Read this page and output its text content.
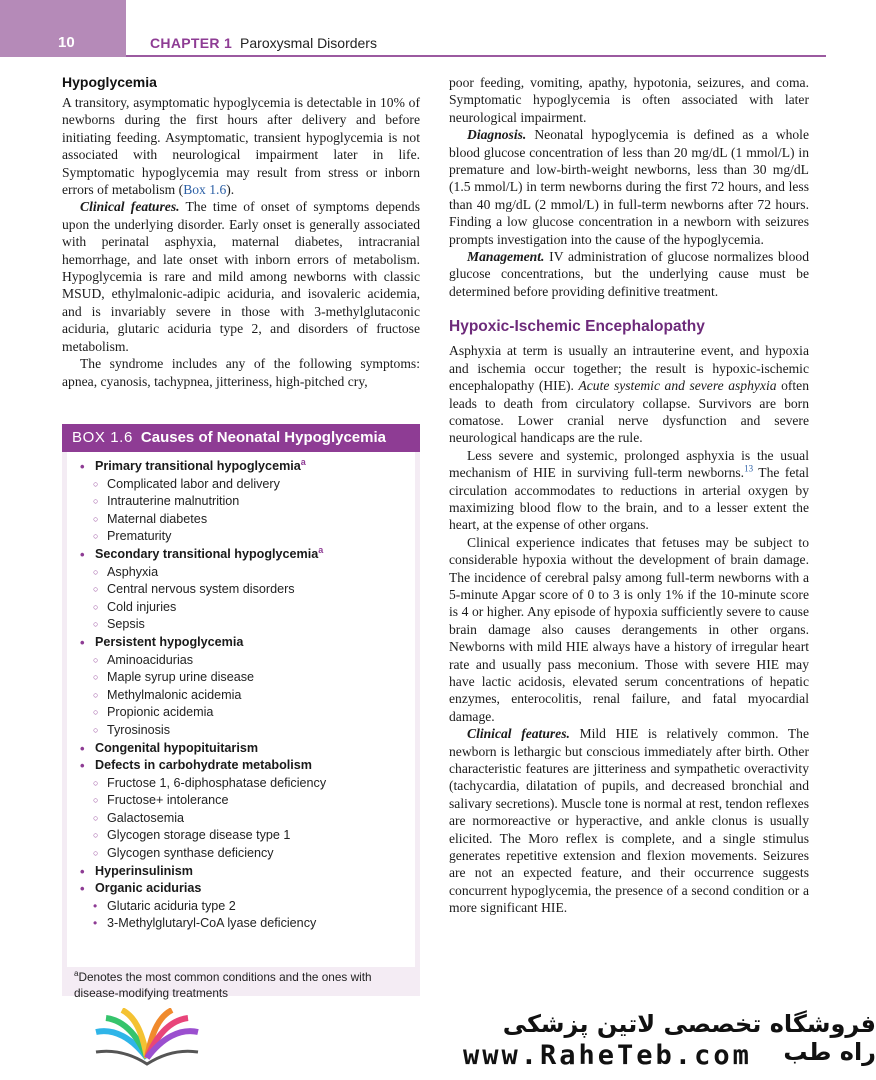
10	CHAPTER 1 Paroxysmal Disorders
Hypoglycemia

A transitory, asymptomatic hypoglycemia is detectable in 10% of newborns during the first hours after delivery and before initiating feeding. Asymptomatic, transient hypoglycemia is not associated with neurological impairment later in life. Symptomatic hypoglycemia may result from stress or inborn errors of metabolism (Box 1.6).

Clinical features. The time of onset of symptoms depends upon the underlying disorder. Early onset is generally associated with perinatal asphyxia, maternal diabetes, intracranial hemorrhage, and late onset with inborn errors of metabolism. Hypoglycemia is rare and mild among newborns with classic MSUD, ethylmalonic-adipic aciduria, and isovaleric acidemia, and is invariably severe in those with 3-methylglutaconic aciduria, glutaric aciduria type 2, and disorders of fructose metabolism.

The syndrome includes any of the following symptoms: apnea, cyanosis, tachypnea, jitteriness, high-pitched cry,

BOX 1.6 Causes of Neonatal Hypoglycemia
• Primary transitional hypoglycemia$^a$
○ Complicated labor and delivery
○ Intrauterine malnutrition
○ Maternal diabetes
○ Prematurity
• Secondary transitional hypoglycemia$^a$
○ Asphyxia
○ Central nervous system disorders
○ Cold injuries
○ Sepsis
• Persistent hypoglycemia
○ Aminoacidurias
○ Maple syrup urine disease
○ Methylmalonic acidemia
○ Propionic acidemia
○ Tyrosinosis
• Congenital hypopituitarism
• Defects in carbohydrate metabolism
○ Fructose 1, 6-diphosphatase deficiency
○ Fructose+ intolerance
○ Galactosemia
○ Glycogen storage disease type 1
○ Glycogen synthase deficiency
• Hyperinsulinism
• Organic acidurias
• Glutaric aciduria type 2
• 3-Methylglutaryl-CoA lyase deficiency
$^a$Denotes the most common conditions and the ones with disease-modifying treatments

poor feeding, vomiting, apathy, hypotonia, seizures, and coma. Symptomatic hypoglycemia is often associated with later neurological impairment.

Diagnosis. Neonatal hypoglycemia is defined as a whole blood glucose concentration of less than 20 mg/dL (1 mmol/L) in premature and low-birth-weight newborns, less than 30 mg/dL (1.5 mmol/L) in term newborns during the first 72 hours, and less than 40 mg/dL (2 mmol/L) in full-term newborns after 72 hours. Finding a low glucose concentration in a newborn with seizures prompts investigation into the cause of the hypoglycemia.

Management. IV administration of glucose normalizes blood glucose concentrations, but the underlying cause must be determined before providing definitive treatment.

Hypoxic-Ischemic Encephalopathy

Asphyxia at term is usually an intrauterine event, and hypoxia and ischemia occur together; the result is hypoxic-ischemic encephalopathy (HIE). Acute systemic and severe asphyxia often leads to death from circulatory collapse. Survivors are born comatose. Lower cranial nerve dysfunction and severe neurological handicaps are the rule.

Less severe and systemic, prolonged asphyxia is the usual mechanism of HIE in surviving full-term newborns.$^{13}$ The fetal circulation accommodates to reductions in arterial oxygen by maximizing blood flow to the brain, and to a lesser extent the heart, at the expense of other organs.

Clinical experience indicates that fetuses may be subject to considerable hypoxia without the development of brain damage. The incidence of cerebral palsy among full-term newborns with a 5-minute Apgar score of 0 to 3 is only 1% if the 10-minute score is 4 or higher. Any episode of hypoxia sufficiently severe to cause brain damage also causes derangements in other organs. Newborns with mild HIE always have a history of irregular heart rate and usually pass meconium. Those with severe HIE may have lactic acidosis, elevated serum concentrations of hepatic enzymes, enterocolitis, renal failure, and fatal myocardial damage.

Clinical features. Mild HIE is relatively common. The newborn is lethargic but conscious immediately after birth. Other characteristic features are jitteriness and sympathetic overactivity (tachycardia, dilatation of pupils, and decreased bronchial and salivary secretions). Muscle tone is normal at rest, tendon reflexes are normoreactive or hyperactive, and ankle clonus is usually elicited. The Moro reflex is complete, and a single stimulus generates repetitive extension and flexion movements. Seizures are not an expected feature, and their occurrence suggests concurrent hypoglycemia, the presence of a second condition or a more significant HIE.

فروشگاه تخصصی لاتین پزشکی راه طب
www.RaheTeb.com
